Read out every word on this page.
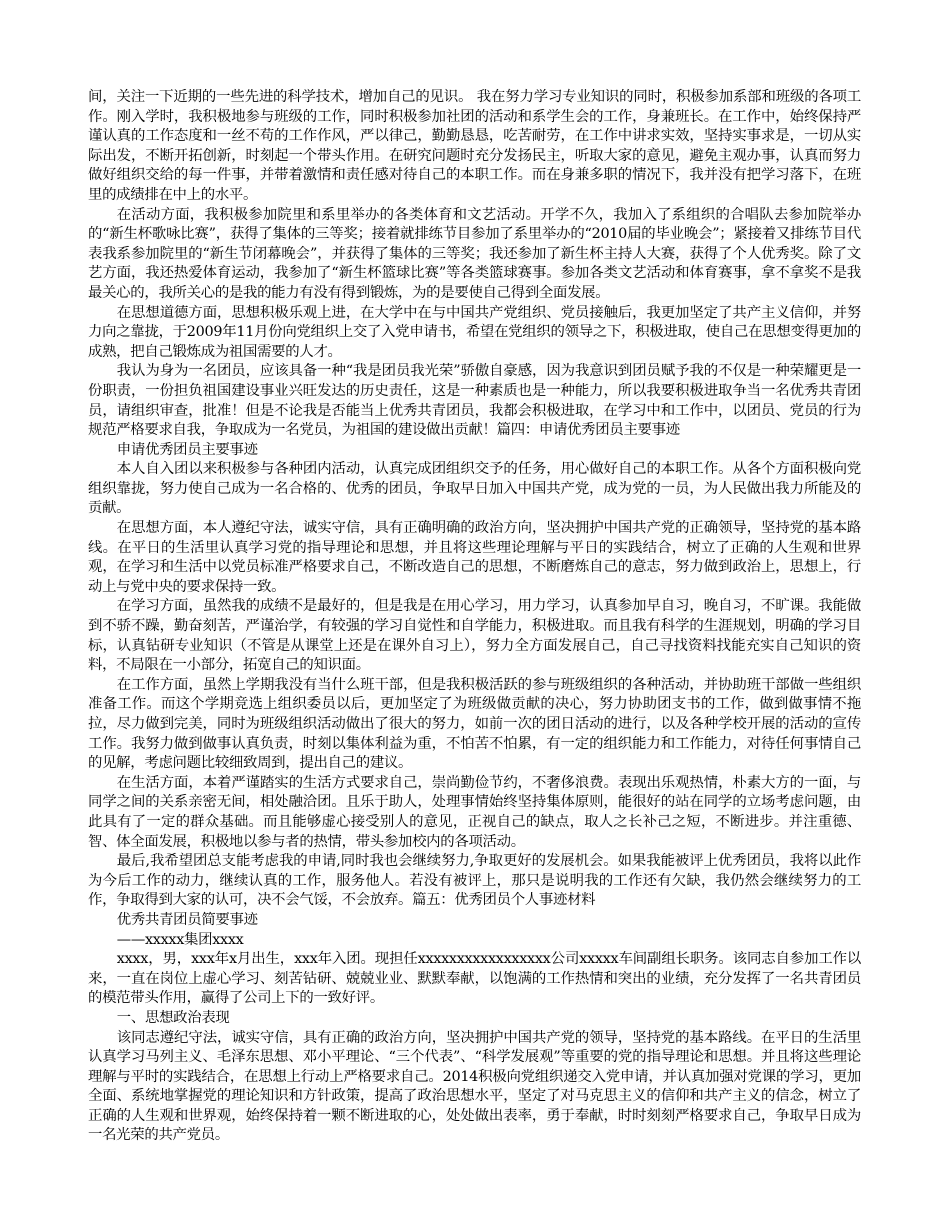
间，关注一下近期的一些先进的科学技术，增加自己的见识。 我在努力学习专业知识的同时，积极参加系部和班级的各项工作。刚入学时，我积极地参与班级的工作，同时积极参加社团的活动和系学生会的工作，身兼班长。在工作中，始终保持严谨认真的工作态度和一丝不苟的工作作风，严以律己，勤勤恳恳，吃苦耐劳，在工作中讲求实效，坚持实事求是，一切从实际出发，不断开拓创新，时刻起一个带头作用。在研究问题时充分发扬民主，听取大家的意见，避免主观办事，认真而努力做好组织交给的每一件事，并带着激情和责任感对待自己的本职工作。而在身兼多职的情况下，我并没有把学习落下，在班里的成绩排在中上的水平。

在活动方面，我积极参加院里和系里举办的各类体育和文艺活动。开学不久，我加入了系组织的合唱队去参加院举办的“新生杯歌咏比赛”，获得了集体的三等奖；接着就排练节目参加了系里举办的“2010届的毕业晚会”；紧接着又排练节目代表我系参加院里的“新生节闭幕晚会”，并获得了集体的三等奖；我还参加了新生杯主持人大赛，获得了个人优秀奖。除了文艺方面，我还热爱体育运动，我参加了“新生杯篮球比赛”等各类篮球赛事。参加各类文艺活动和体育赛事，拿不拿奖不是我最关心的，我所关心的是我的能力有没有得到锻炼，为的是要使自己得到全面发展。

在思想道德方面，思想积极乐观上进，在大学中在与中国共产党组织、党员接触后，我更加坚定了共产主义信仰，并努力向之靠拢，于2009年11月份向党组织上交了入党申请书，希望在党组织的领导之下，积极进取，使自己在思想变得更加的成熟，把自己锻炼成为祖国需要的人才。

我认为身为一名团员，应该具备一种“我是团员我光荣”骄傲自豪感，因为我意识到团员赋予我的不仅是一种荣耀更是一份职责，一份担负祖国建设事业兴旺发达的历史责任，这是一种素质也是一种能力，所以我要积极进取争当一名优秀共青团员，请组织审查，批准！但是不论我是否能当上优秀共青团员，我都会积极进取，在学习中和工作中，以团员、党员的行为规范严格要求自我，争取成为一名党员，为祖国的建设做出贡献！篇四：申请优秀团员主要事迹

申请优秀团员主要事迹

本人自入团以来积极参与各种团内活动，认真完成团组织交予的任务，用心做好自己的本职工作。从各个方面积极向党组织靠拢，努力使自己成为一名合格的、优秀的团员，争取早日加入中国共产党，成为党的一员，为人民做出我力所能及的贡献。

在思想方面，本人遵纪守法，诚实守信，具有正确明确的政治方向，坚决拥护中国共产党的正确领导，坚持党的基本路线。在平日的生活里认真学习党的指导理论和思想，并且将这些理论理解与平日的实践结合，树立了正确的人生观和世界观，在学习和生活中以党员标准严格要求自己，不断改造自己的思想，不断磨炼自己的意志，努力做到政治上，思想上，行动上与党中央的要求保持一致。

在学习方面，虽然我的成绩不是最好的，但是我是在用心学习，用力学习，认真参加早自习，晚自习，不旷课。我能做到不骄不躁，勤奋刻苦，严谨治学，有较强的学习自觉性和自学能力，积极进取。而且我有科学的生涯规划，明确的学习目标，认真钻研专业知识（不管是从课堂上还是在课外自习上），努力全方面发展自己，自己寻找资料找能充实自己知识的资料，不局限在一小部分，拓宽自己的知识面。

在工作方面，虽然上学期我没有当什么班干部，但是我积极活跃的参与班级组织的各种活动，并协助班干部做一些组织准备工作。而这个学期竞选上组织委员以后，更加坚定了为班级做贡献的决心，努力协助团支书的工作，做到做事情不拖拉，尽力做到完美，同时为班级组织活动做出了很大的努力，如前一次的团日活动的进行，以及各种学校开展的活动的宣传工作。我努力做到做事认真负责，时刻以集体利益为重，不怕苦不怕累，有一定的组织能力和工作能力，对待任何事情自己的见解，考虑问题比较细致周到，提出自己的建议。

在生活方面，本着严谨踏实的生活方式要求自己，崇尚勤俭节约，不奢侈浪费。表现出乐观热情，朴素大方的一面，与同学之间的关系亲密无间，相处融洽团。且乐于助人，处理事情始终坚持集体原则，能很好的站在同学的立场考虑问题，由此具有了一定的群众基础。而且能够虚心接受别人的意见，正视自己的缺点，取人之长补己之短，不断进步。并注重德、智、体全面发展，积极地以参与者的热情，带头参加校内的各项活动。

最后,我希望团总支能考虑我的申请,同时我也会继续努力,争取更好的发展机会。如果我能被评上优秀团员，我将以此作为今后工作的动力，继续认真的工作，服务他人。若没有被评上，那只是说明我的工作还有欠缺，我仍然会继续努力的工作，争取得到大家的认可，决不会气馁，不会放弃。篇五：优秀团员个人事迹材料

优秀共青团员简要事迹

——xxxxx集团xxxx

xxxx，男，xxx年x月出生，xxx年入团。现担任xxxxxxxxxxxxxxxxx公司xxxxx车间副组长职务。该同志自参加工作以来，一直在岗位上虚心学习、刻苦钻研、兢兢业业、默默奉献，以饱满的工作热情和突出的业绩，充分发挥了一名共青团员的模范带头作用，赢得了公司上下的一致好评。

一、思想政治表现

该同志遵纪守法，诚实守信，具有正确的政治方向，坚决拥护中国共产党的领导，坚持党的基本路线。在平日的生活里认真学习马列主义、毛泽东思想、邓小平理论、“三个代表”、“科学发展观”等重要的党的指导理论和思想。并且将这些理论理解与平时的实践结合，在思想上行动上严格要求自己。2014积极向党组织递交入党申请，并认真加强对党课的学习，更加全面、系统地掌握党的理论知识和方针政策，提高了政治思想水平，坚定了对马克思主义的信仰和共产主义的信念，树立了正确的人生观和世界观，始终保持着一颗不断进取的心，处处做出表率，勇于奉献，时时刻刻严格要求自己，争取早日成为一名光荣的共产党员。
